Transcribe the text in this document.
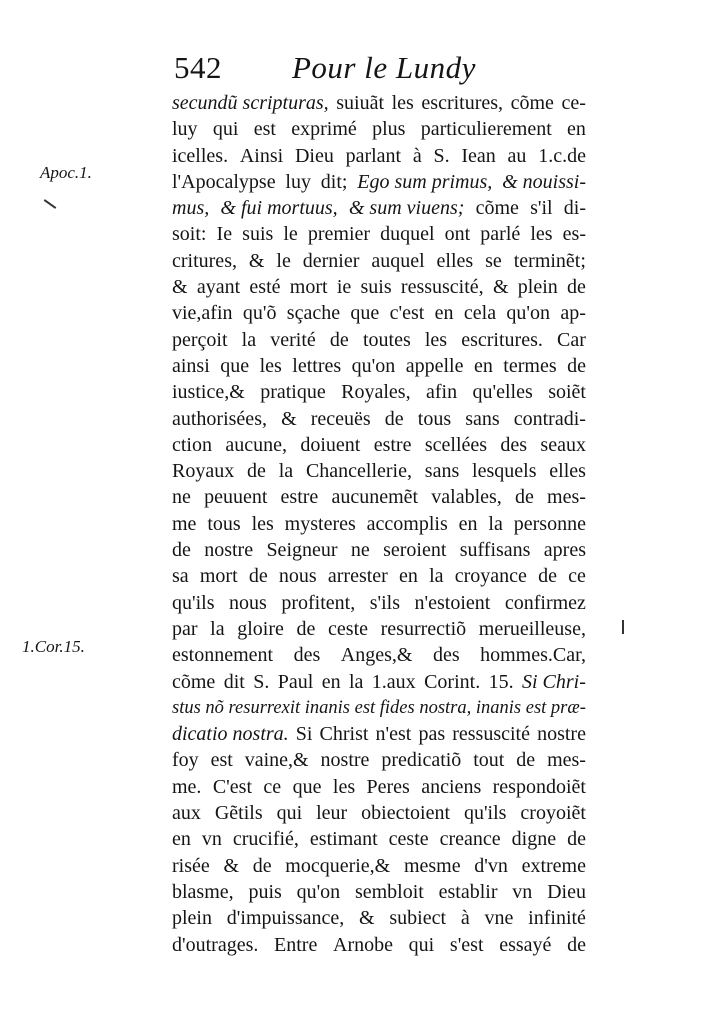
542 Pour le Lundy
Apoc.1.
1.Cor.15.
secundũ scripturas, suiuãt les escritures, cõme ce-
luy qui est exprimé plus particulierement en
icelles. Ainsi Dieu parlant à S. Iean au 1.c.de
l'Apocalypse luy dit; Ego sum primus, & nouissi-
mus, & fui mortuus, & sum viuens; cõme s'il di-
soit: Ie suis le premier duquel ont parlé les es-
critures, & le dernier auquel elles se terminẽt;
& ayant esté mort ie suis ressuscité, & plein de
vie,afin qu'õ sçache que c'est en cela qu'on ap-
perçoit la verité de toutes les escritures. Car
ainsi que les lettres qu'on appelle en termes de
iustice,& pratique Royales, afin qu'elles soiẽt
authorisées, & receuës de tous sans contradi-
ction aucune, doiuent estre scellées des seaux
Royaux de la Chancellerie, sans lesquels elles
ne peuuent estre aucunemẽt valables, de mes-
me tous les mysteres accomplis en la personne
de nostre Seigneur ne seroient suffisans apres
sa mort de nous arrester en la croyance de ce
qu'ils nous profitent, s'ils n'estoient confirmez
par la gloire de ceste resurrectiõ merueilleuse,
estonnement des Anges,& des hommes.Car,
cõme dit S. Paul en la 1.aux Corint. 15. Si Chri-
stus nõ resurrexit inanis est fides nostra, inanis est præ-
dicatio nostra. Si Christ n'est pas ressuscité nostre
foy est vaine,& nostre predicatiõ tout de mes-
me. C'est ce que les Peres anciens respondoiẽt
aux Gẽtils qui leur obiectoient qu'ils croyoiẽt
en vn crucifié, estimant ceste creance digne de
risée & de mocquerie,& mesme d'vn extreme
blasme, puis qu'on sembloit establir vn Dieu
plein d'impuissance, & subiect à vne infinité
d'outrages. Entre Arnobe qui s'est essayé de
